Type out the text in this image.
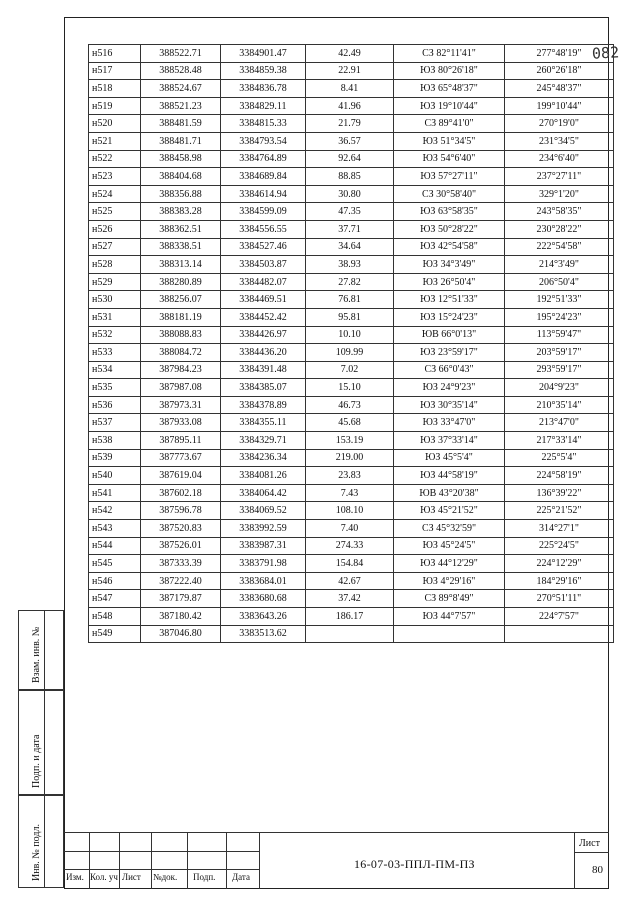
082
н516	388522.71	3384901.47	42.49	СЗ 82°11'41"	277°48'19"
н517	388528.48	3384859.38	22.91	ЮЗ 80°26'18"	260°26'18"
н518	388524.67	3384836.78	8.41	ЮЗ 65°48'37"	245°48'37"
н519	388521.23	3384829.11	41.96	ЮЗ 19°10'44"	199°10'44"
н520	388481.59	3384815.33	21.79	СЗ 89°41'0"	270°19'0"
н521	388481.71	3384793.54	36.57	ЮЗ 51°34'5"	231°34'5"
н522	388458.98	3384764.89	92.64	ЮЗ 54°6'40"	234°6'40"
н523	388404.68	3384689.84	88.85	ЮЗ 57°27'11"	237°27'11"
н524	388356.88	3384614.94	30.80	СЗ 30°58'40"	329°1'20"
н525	388383.28	3384599.09	47.35	ЮЗ 63°58'35"	243°58'35"
н526	388362.51	3384556.55	37.71	ЮЗ 50°28'22"	230°28'22"
н527	388338.51	3384527.46	34.64	ЮЗ 42°54'58"	222°54'58"
н528	388313.14	3384503.87	38.93	ЮЗ 34°3'49"	214°3'49"
н529	388280.89	3384482.07	27.82	ЮЗ 26°50'4"	206°50'4"
н530	388256.07	3384469.51	76.81	ЮЗ 12°51'33"	192°51'33"
н531	388181.19	3384452.42	95.81	ЮЗ 15°24'23"	195°24'23"
н532	388088.83	3384426.97	10.10	ЮВ 66°0'13"	113°59'47"
н533	388084.72	3384436.20	109.99	ЮЗ 23°59'17"	203°59'17"
н534	387984.23	3384391.48	7.02	СЗ 66°0'43"	293°59'17"
н535	387987.08	3384385.07	15.10	ЮЗ 24°9'23"	204°9'23"
н536	387973.31	3384378.89	46.73	ЮЗ 30°35'14"	210°35'14"
н537	387933.08	3384355.11	45.68	ЮЗ 33°47'0"	213°47'0"
н538	387895.11	3384329.71	153.19	ЮЗ 37°33'14"	217°33'14"
н539	387773.67	3384236.34	219.00	ЮЗ 45°5'4"	225°5'4"
н540	387619.04	3384081.26	23.83	ЮЗ 44°58'19"	224°58'19"
н541	387602.18	3384064.42	7.43	ЮВ 43°20'38"	136°39'22"
н542	387596.78	3384069.52	108.10	ЮЗ 45°21'52"	225°21'52"
н543	387520.83	3383992.59	7.40	СЗ 45°32'59"	314°27'1"
н544	387526.01	3383987.31	274.33	ЮЗ 45°24'5"	225°24'5"
н545	387333.39	3383791.98	154.84	ЮЗ 44°12'29"	224°12'29"
н546	387222.40	3383684.01	42.67	ЮЗ 4°29'16"	184°29'16"
н547	387179.87	3383680.68	37.42	СЗ 89°8'49"	270°51'11"
н548	387180.42	3383643.26	186.17	ЮЗ 44°7'57"	224°7'57"
н549	387046.80	3383513.62			
Взам. инв. №
Подп. и дата
Инв. № подл.	Изм. Кол. уч Лист №док. Подп. Дата
16-07-03-ППЛ-ПМ-ПЗ
Лист
80
